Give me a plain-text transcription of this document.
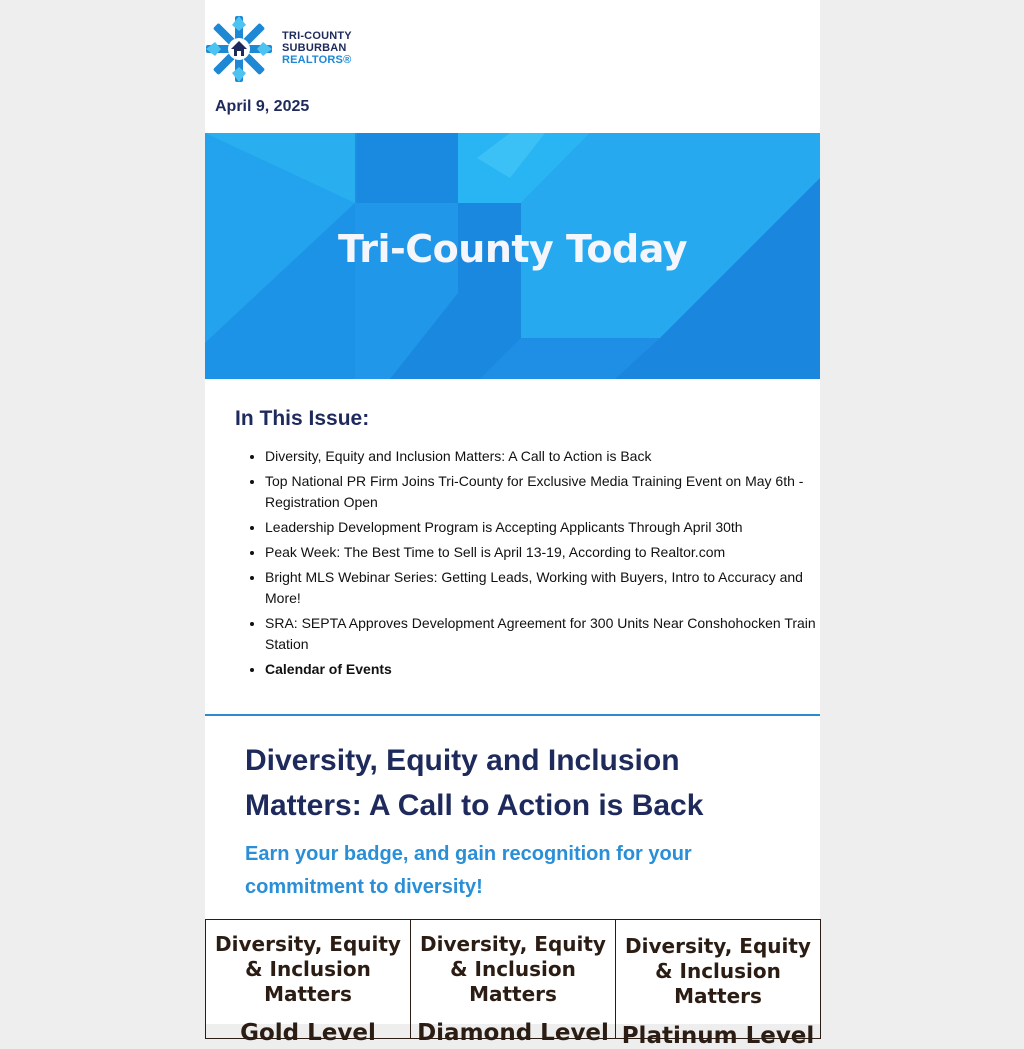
TRI-COUNTY
SUBURBAN
REALTORS®
April 9, 2025
Tri-County Today
In This Issue:
• Diversity, Equity and Inclusion Matters: A Call to Action is Back
• Top National PR Firm Joins Tri-County for Exclusive Media Training Event on May 6th - Registration Open
• Leadership Development Program is Accepting Applicants Through April 30th
• Peak Week: The Best Time to Sell is April 13-19, According to Realtor.com
• Bright MLS Webinar Series: Getting Leads, Working with Buyers, Intro to Accuracy and More!
• SRA: SEPTA Approves Development Agreement for 300 Units Near Conshohocken Train Station
• Calendar of Events
Diversity, Equity and Inclusion Matters: A Call to Action is Back
Earn your badge, and gain recognition for your commitment to diversity!
Diversity, Equity & Inclusion Matters
Gold Level
Diversity, Equity & Inclusion Matters
Diamond Level
Diversity, Equity & Inclusion Matters
Platinum Level
